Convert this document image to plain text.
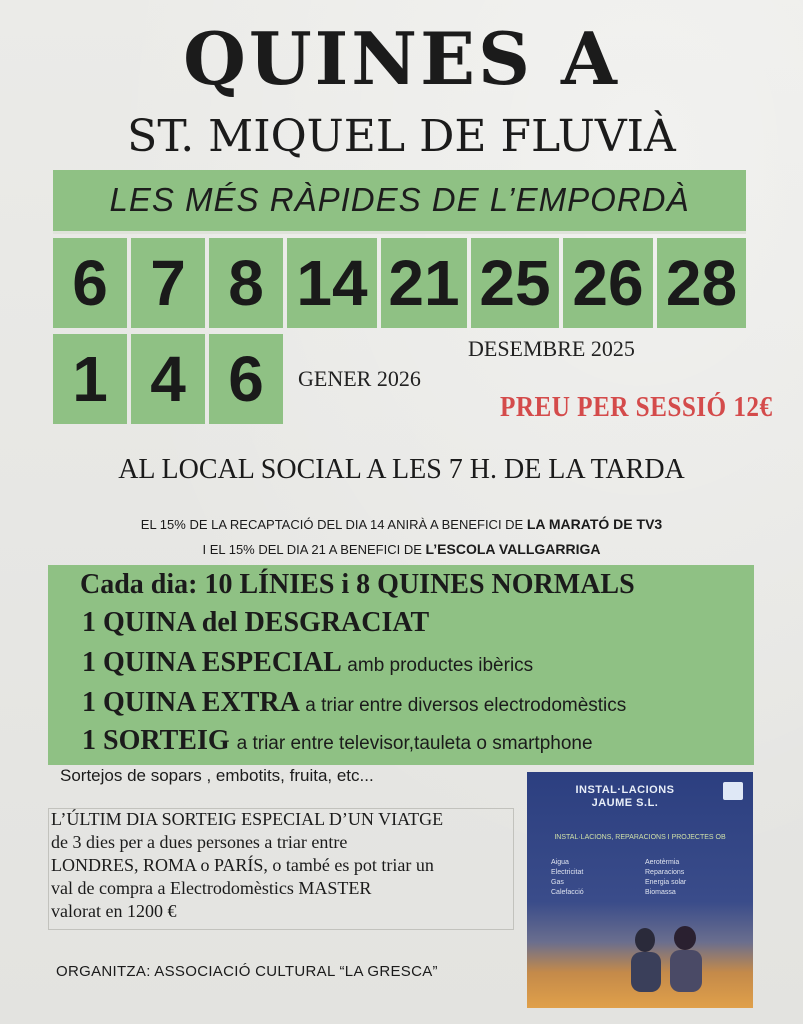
QUINES A
ST. MIQUEL DE FLUVIÀ
LES MÉS RÀPIDES DE L’EMPORDÀ
6 7 8 14 21 25 26 28
1 4 6	DESEMBRE 2025
GENER 2026
PREU PER SESSIÓ 12€
AL LOCAL SOCIAL A LES 7 H. DE LA TARDA
EL 15% DE LA RECAPTACIÓ DEL DIA 14 ANIRÀ A BENEFICI DE LA MARATÓ DE TV3
I EL 15% DEL DIA 21 A BENEFICI DE L’ESCOLA VALLGARRIGA
Cada dia: 10 LÍNIES i 8 QUINES NORMALS
1 QUINA del DESGRACIAT
1 QUINA ESPECIAL amb productes ibèrics
1 QUINA EXTRA a triar entre diversos electrodomèstics
1 SORTEIG a triar entre televisor,tauleta o smartphone
Sortejos de sopars , embotits, fruita, etc...
L’ÚLTIM DIA SORTEIG ESPECIAL D’UN VIATGE
de 3 dies per a dues persones a triar entre
LONDRES, ROMA o PARÍS, o també es pot triar un
val de compra a Electrodomèstics MASTER
valorat en 1200 €
ORGANITZA: ASSOCIACIÓ CULTURAL “LA GRESCA”
INSTAL·LACIONS
JAUME S.L.
INSTAL·LACIONS, REPARACIONS I PROJECTES OB
Aigua
Electricitat
Gas
Calefacció
Aerotèrmia
Reparacions
Energia solar
Biomassa
